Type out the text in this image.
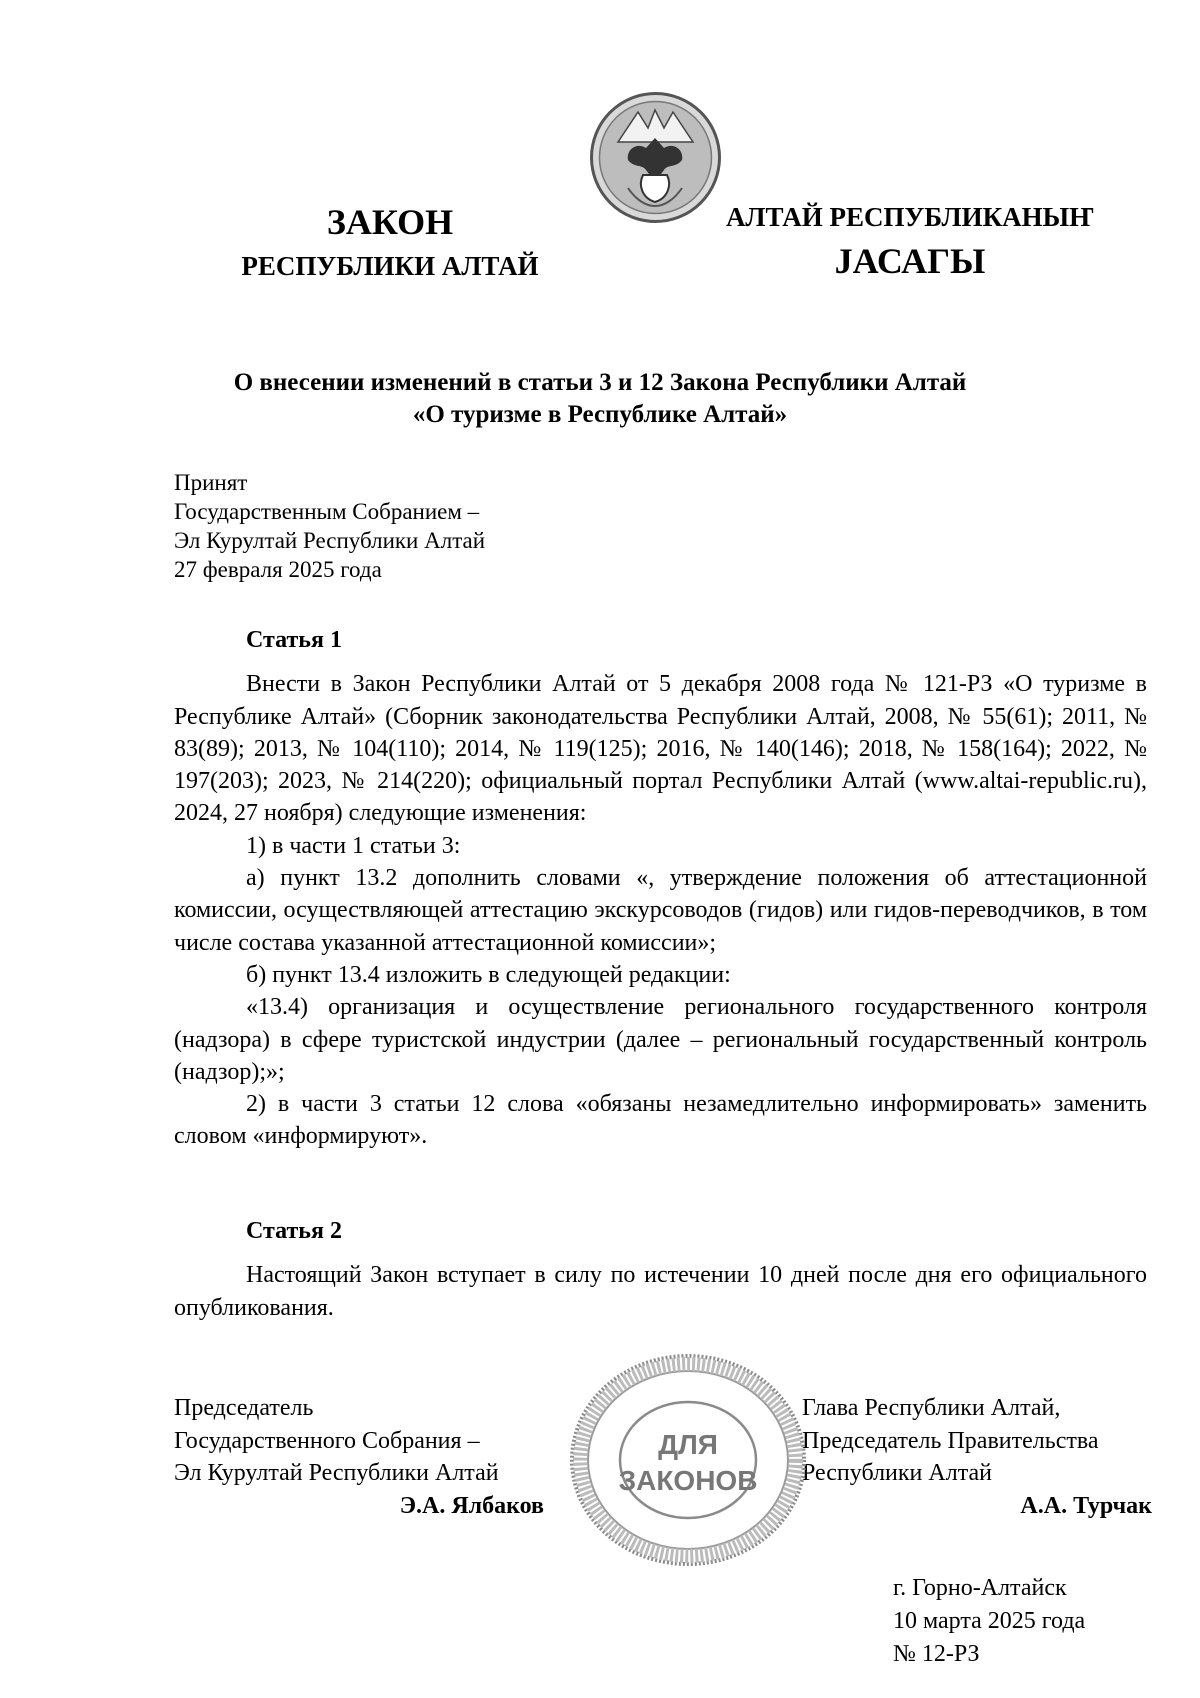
ЗАКОН
РЕСПУБЛИКИ АЛТАЙ
АЛТАЙ РЕСПУБЛИКАНЫҤ
ЈАСАГЫ
О внесении изменений в статьи 3 и 12 Закона Республики Алтай
«О туризме в Республике Алтай»
Принят
Государственным Собранием –
Эл Курултай Республики Алтай
27 февраля 2025 года

Статья 1

Внести в Закон Республики Алтай от 5 декабря 2008 года № 121-РЗ «О туризме в Республике Алтай» (Сборник законодательства Республики Алтай, 2008, № 55(61); 2011, № 83(89); 2013, № 104(110); 2014, № 119(125); 2016, № 140(146); 2018, № 158(164); 2022, № 197(203); 2023, № 214(220); официальный портал Республики Алтай (www.altai-republic.ru), 2024, 27 ноября) следующие изменения:

1) в части 1 статьи 3:

а) пункт 13.2 дополнить словами «, утверждение положения об аттестационной комиссии, осуществляющей аттестацию экскурсоводов (гидов) или гидов-переводчиков, в том числе состава указанной аттестационной комиссии»;

б) пункт 13.4 изложить в следующей редакции:

«13.4) организация и осуществление регионального государственного контроля (надзора) в сфере туристской индустрии (далее – региональный государственный контроль (надзор);»;

2) в части 3 статьи 12 слова «обязаны незамедлительно информировать» заменить словом «информируют».

Статья 2

Настоящий Закон вступает в силу по истечении 10 дней после дня его официального опубликования.

Председатель
Государственного Собрания –
Эл Курултай Республики Алтай
Э.А. Ялбаков
Глава Республики Алтай,
Председатель Правительства
Республики Алтай
А.А. Турчак
ДЛЯ
ЗАКОНОВ
г. Горно-Алтайск
10 марта 2025 года
№ 12-РЗ
